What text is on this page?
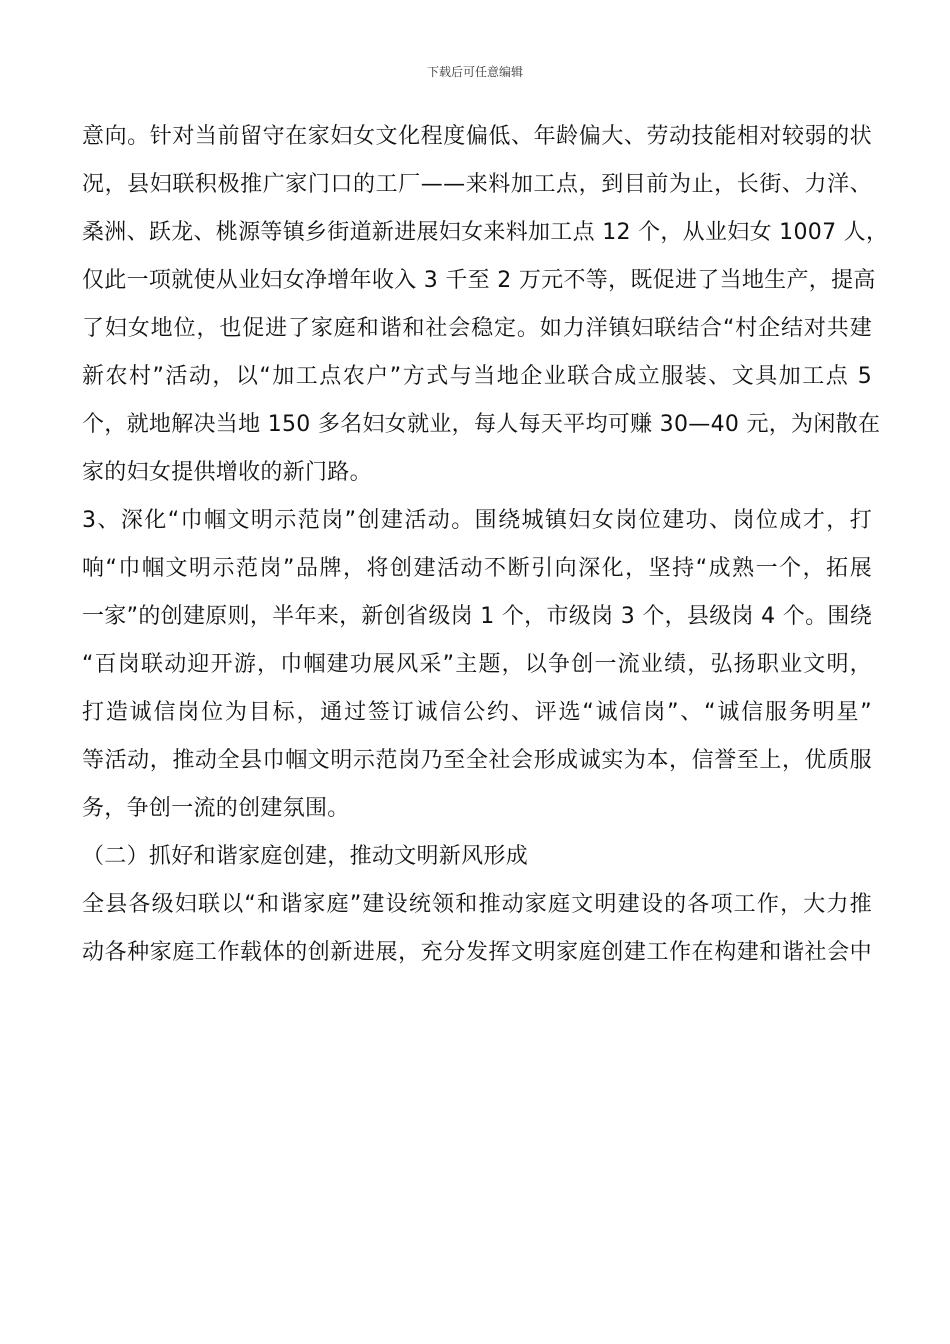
下载后可任意编辑
意向。针对当前留守在家妇女文化程度偏低、年龄偏大、劳动技能相对较弱的状
况，县妇联积极推广家门口的工厂——来料加工点，到目前为止，长街、力洋、
桑洲、跃龙、桃源等镇乡街道新进展妇女来料加工点 12 个，从业妇女 1007 人，
仅此一项就使从业妇女净增年收入 3 千至 2 万元不等，既促进了当地生产，提高
了妇女地位，也促进了家庭和谐和社会稳定。如力洋镇妇联结合“村企结对共建
新农村”活动，以“加工点农户”方式与当地企业联合成立服装、文具加工点 5
个，就地解决当地 150 多名妇女就业，每人每天平均可赚 30—40 元，为闲散在
家的妇女提供增收的新门路。
3、深化“巾帼文明示范岗”创建活动。围绕城镇妇女岗位建功、岗位成才，打
响“巾帼文明示范岗”品牌，将创建活动不断引向深化，坚持“成熟一个，拓展
一家”的创建原则，半年来，新创省级岗 1 个，市级岗 3 个，县级岗 4 个。围绕
“百岗联动迎开游，巾帼建功展风采”主题，以争创一流业绩，弘扬职业文明，
打造诚信岗位为目标，通过签订诚信公约、评选“诚信岗”、“诚信服务明星”
等活动，推动全县巾帼文明示范岗乃至全社会形成诚实为本，信誉至上，优质服
务，争创一流的创建氛围。
（二）抓好和谐家庭创建，推动文明新风形成
全县各级妇联以“和谐家庭”建设统领和推动家庭文明建设的各项工作，大力推
动各种家庭工作载体的创新进展，充分发挥文明家庭创建工作在构建和谐社会中
